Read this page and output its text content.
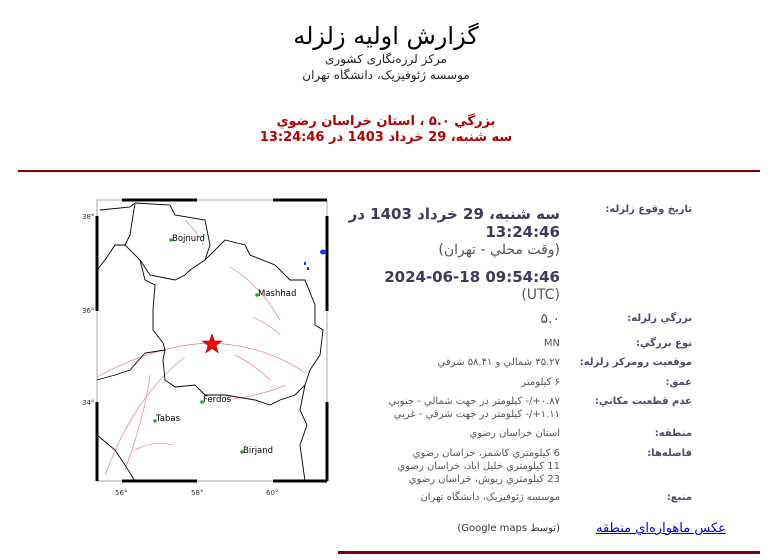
گزارش اولیه زلزله
مرکز لرزه‌نگاری کشوری
موسسه ژئوفیزیک، دانشگاه تهران
بزرگي ۵.۰ ، استان خراسان رضوي
سه شنبه، 29 خرداد 1403 در 13:24:46
Bojnurd
Mashhad
Ferdos
Tabas
Birjand
56°	58°	60°
38°
36°
34°
تاريخ وقوع زلزله:
سه شنبه، 29 خرداد 1403 در
13:24:46
(وقت محلي - تهران)
2024-06-18 09:54:46
(UTC)
بزرگي زلزله:
۵.۰
نوع بزرگي:
MN
موقعيت رومرکز زلزله:
۳۵.۲۷ شمالي و ۵۸.۴۱ شرقي
عمق:
۶ کيلومتر
عدم قطعيت مکاني:
۰.۸۷+/- کيلومتر در جهت شمالي - جنوبي
۱.۱۱+/- کيلومتر در جهت شرقي - غربي
منطقه:
استان خراسان رضوي
فاصله‌ها:
6 کيلومتري کاشمر، خراسان رضوي
11 کيلومتري خليل اباد، خراسان رضوي
23 کيلومتري ريوش، خراسان رضوي
منبع:
موسسه ژئوفيزيک، دانشگاه تهران
عکس ماهواره‌اي منطقه
(توسط Google maps)
